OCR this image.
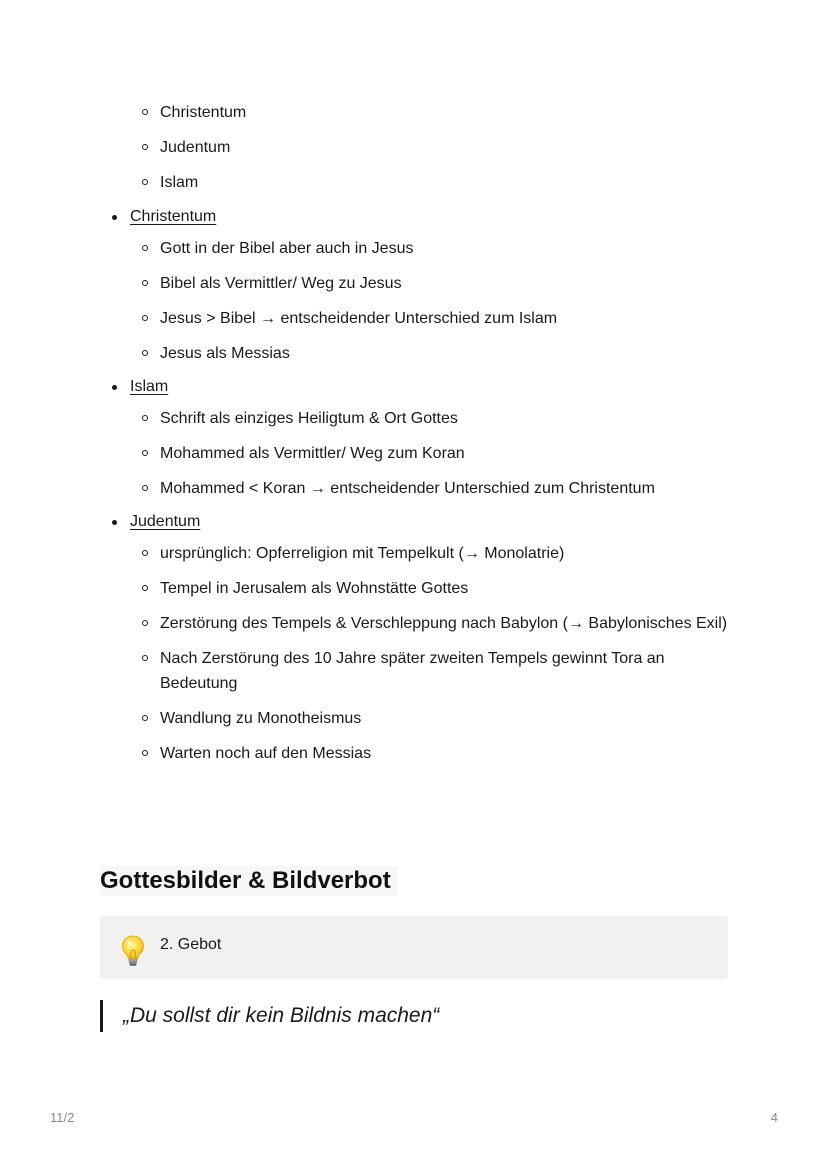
Christentum
Judentum
Islam
Christentum
Gott in der Bibel aber auch in Jesus
Bibel als Vermittler/ Weg zu Jesus
Jesus > Bibel → entscheidender Unterschied zum Islam
Jesus als Messias
Islam
Schrift als einziges Heiligtum & Ort Gottes
Mohammed als Vermittler/ Weg zum Koran
Mohammed < Koran → entscheidender Unterschied zum Christentum
Judentum
ursprünglich: Opferreligion mit Tempelkult (→ Monolatrie)
Tempel in Jerusalem als Wohnstätte Gottes
Zerstörung des Tempels & Verschleppung nach Babylon (→ Babylonisches Exil)
Nach Zerstörung des 10 Jahre später zweiten Tempels gewinnt Tora an Bedeutung
Wandlung zu Monotheismus
Warten noch auf den Messias
Gottesbilder & Bildverbot
2. Gebot
„Du sollst dir kein Bildnis machen“
11/2	4
